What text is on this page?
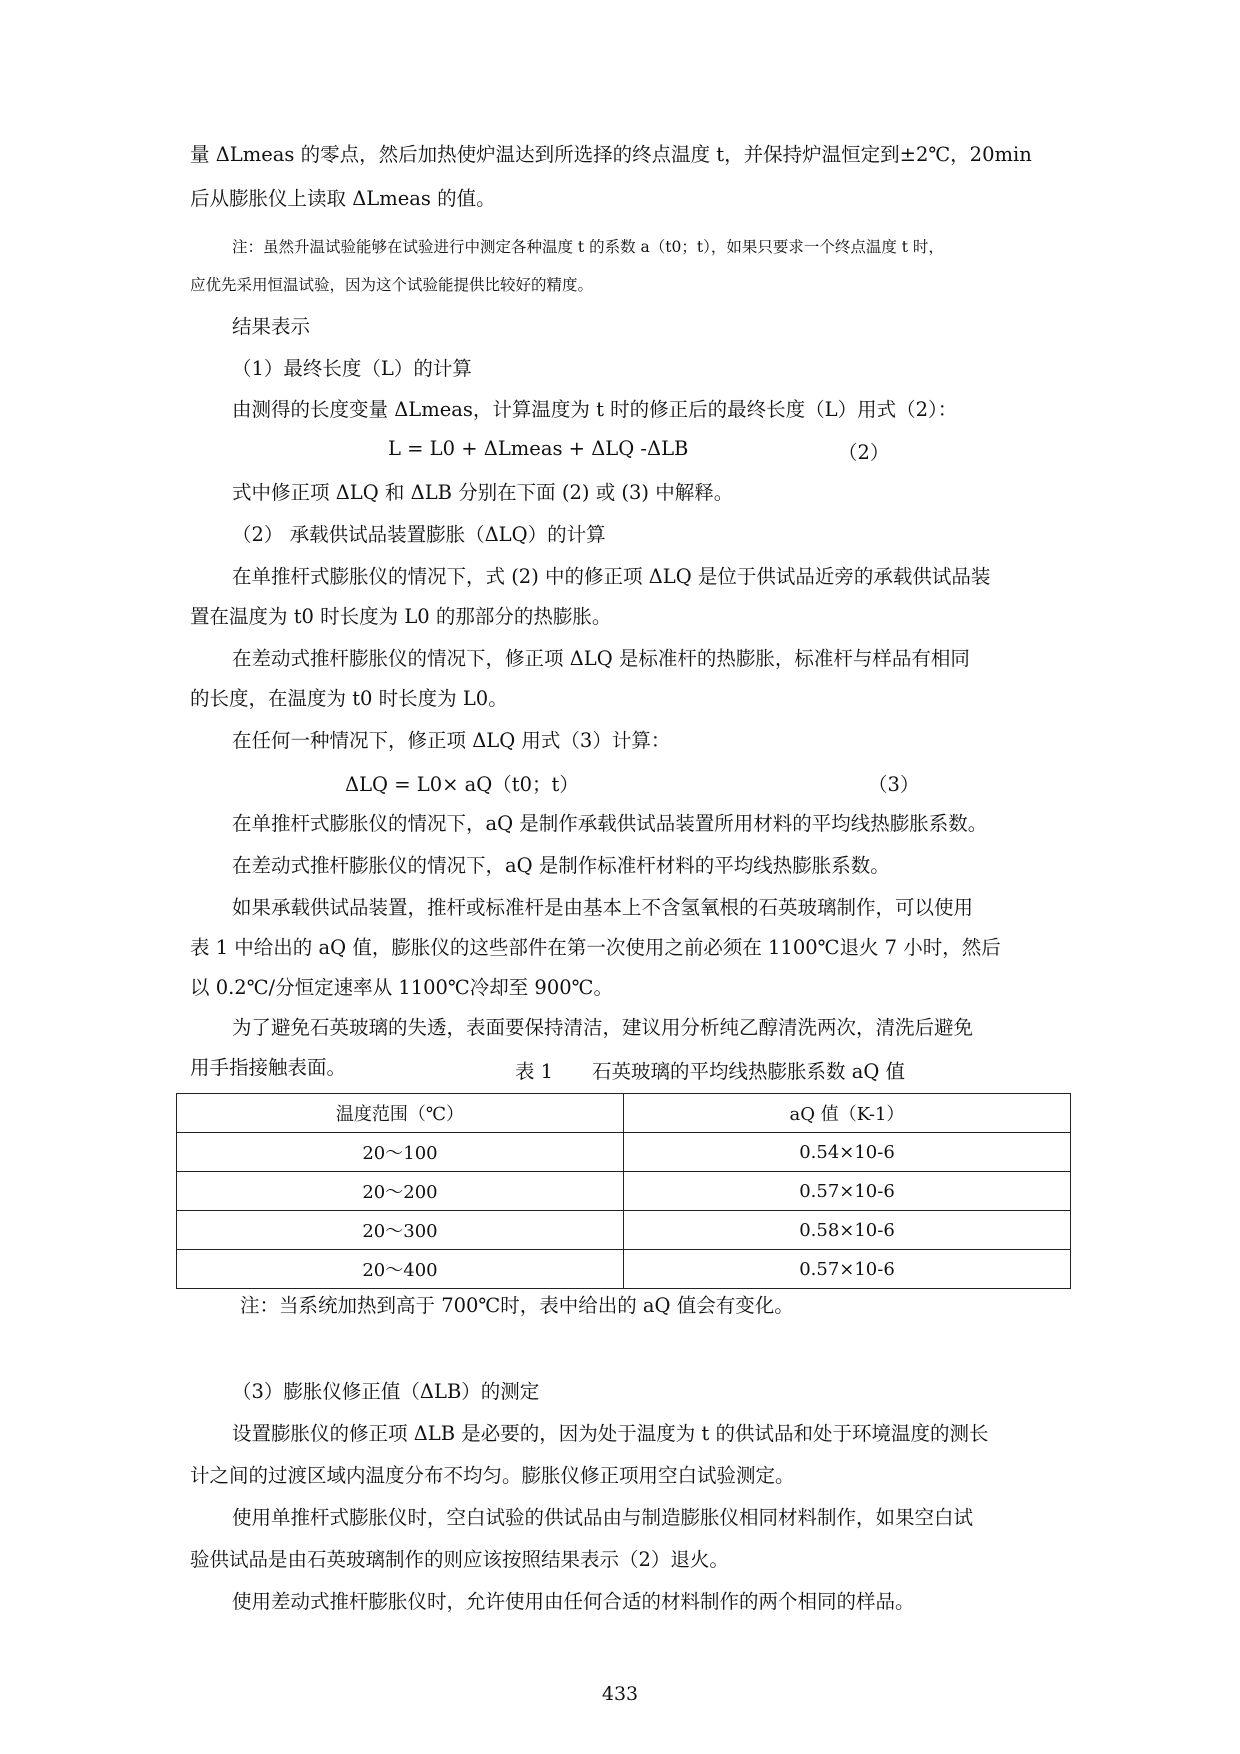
量 ΔLmeas 的零点，然后加热使炉温达到所选择的终点温度 t，并保持炉温恒定到±2℃，20min
后从膨胀仪上读取 ΔLmeas 的值。
注：虽然升温试验能够在试验进行中测定各种温度 t 的系数 a（t0；t），如果只要求一个终点温度 t 时，
应优先采用恒温试验，因为这个试验能提供比较好的精度。
结果表示
（1）最终长度（L）的计算
由测得的长度变量 ΔLmeas，计算温度为 t 时的修正后的最终长度（L）用式（2）：
L = L0 + ΔLmeas + ΔLQ -ΔLB	（2）
式中修正项 ΔLQ 和 ΔLB 分别在下面 (2) 或 (3) 中解释。
（2） 承载供试品装置膨胀（ΔLQ）的计算
在单推杆式膨胀仪的情况下，式 (2) 中的修正项 ΔLQ 是位于供试品近旁的承载供试品装
置在温度为 t0 时长度为 L0 的那部分的热膨胀。
在差动式推杆膨胀仪的情况下，修正项 ΔLQ 是标准杆的热膨胀，标准杆与样品有相同
的长度，在温度为 t0 时长度为 L0。
在任何一种情况下，修正项 ΔLQ 用式（3）计算：
ΔLQ = L0× aQ（t0；t）	（3）
在单推杆式膨胀仪的情况下，aQ 是制作承载供试品装置所用材料的平均线热膨胀系数。
在差动式推杆膨胀仪的情况下，aQ 是制作标准杆材料的平均线热膨胀系数。
如果承载供试品装置，推杆或标准杆是由基本上不含氢氧根的石英玻璃制作，可以使用
表 1 中给出的 aQ 值，膨胀仪的这些部件在第一次使用之前必须在 1100℃退火 7 小时，然后
以 0.2℃/分恒定速率从 1100℃冷却至 900℃。
为了避免石英玻璃的失透，表面要保持清洁，建议用分析纯乙醇清洗两次，清洗后避免
用手指接触表面。	表 1　　石英玻璃的平均线热膨胀系数 aQ 值
温度范围（℃）	aQ 值（K-1）
20～100	0.54×10-6
20～200	0.57×10-6
20～300	0.58×10-6
20～400	0.57×10-6
注：当系统加热到高于 700℃时，表中给出的 aQ 值会有变化。
（3）膨胀仪修正值（ΔLB）的测定
设置膨胀仪的修正项 ΔLB 是必要的，因为处于温度为 t 的供试品和处于环境温度的测长
计之间的过渡区域内温度分布不均匀。膨胀仪修正项用空白试验测定。
使用单推杆式膨胀仪时，空白试验的供试品由与制造膨胀仪相同材料制作，如果空白试
验供试品是由石英玻璃制作的则应该按照结果表示（2）退火。
使用差动式推杆膨胀仪时，允许使用由任何合适的材料制作的两个相同的样品。
433
